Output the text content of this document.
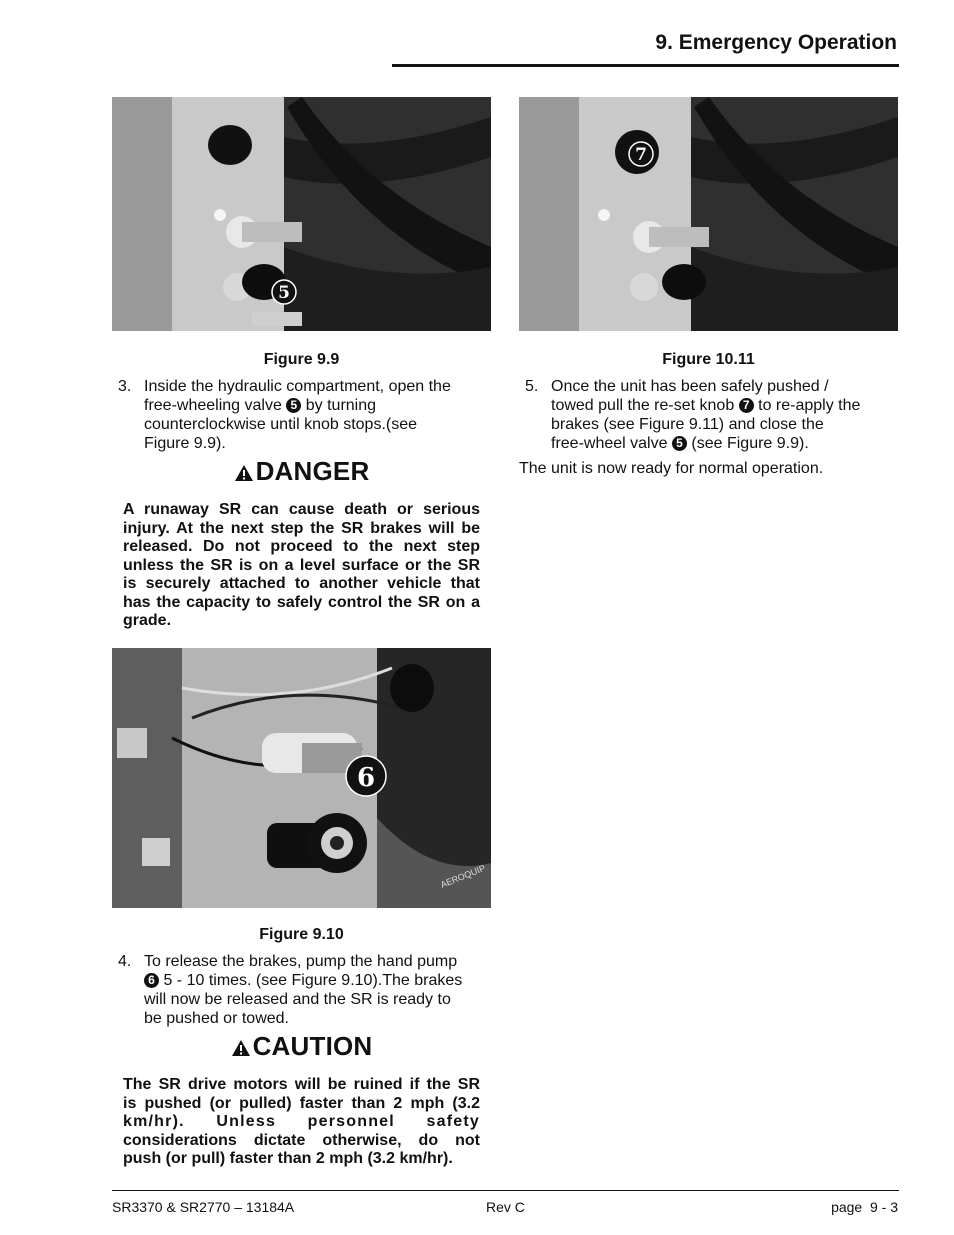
9. Emergency Operation
5
7
Figure 9.9	Figure 10.11
3. Inside the hydraulic compartment, open the
free-wheeling valve 5 by turning
counterclockwise until knob stops.(see
Figure 9.9).
DANGER
A runaway SR can cause death or serious
injury. At the next step the SR brakes will be
released. Do not proceed to the next step
unless the SR is on a level surface or the SR
is securely attached to another vehicle that
has the capacity to safely control the SR on a
grade.
AEROQUIP
6
Figure 9.10
4. To release the brakes, pump the hand pump
6 5 - 10 times. (see Figure 9.10).The brakes
will now be released and the SR is ready to
be pushed or towed.
CAUTION
The SR drive motors will be ruined if the SR
is pushed (or pulled) faster than 2 mph (3.2
km/hr). Unless personnel safety
considerations dictate otherwise, do not
push (or pull) faster than 2 mph (3.2 km/hr).
5. Once the unit has been safely pushed /
towed pull the re-set knob 7 to re-apply the
brakes (see Figure 9.11) and close the
free-wheel valve 5 (see Figure 9.9).
The unit is now ready for normal operation.
SR3370 & SR2770 – 13184A	Rev C	page  9 - 3
